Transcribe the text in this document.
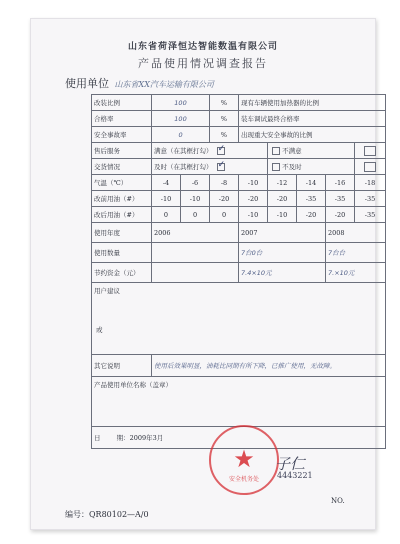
山东省荷泽恒达智能数温有限公司
产品使用情况调查报告
使用单位 山东省XX汽车运输有限公司
改装比例	100		%	现有车辆使用加热器的比例				
合格率	100		%	装车调试最终合格率				
安全事故率	0		%	出现重大安全事故的比例				
售后服务	满意（在其框打勾） ✓				不满意			
交货情况	及时（在其框打勾） ✓				不及时			
气温（℃）	-4	-6	-8	-10	-12	-14	-16	-18
改前用油（#）	-10	-10	-20	-20	-20	-35	-35	-35
改后用油（#）	0	0	0	-10	-10	-20	-20	-35
使用年度	2006			2007			2008	
使用数量				7台0台			7台台	
节约资金（元）				7.4×10元			7.×10元	

用户建议
或								

其它说明	使用后效果明显，油耗比同期有所下降，已推广使用，无故障。							
产品使用单位名称（盖章）								
日 期：2009年3月								
★
安全机务处
子仁
4443221
NO.
编号：QR80102—A/0
